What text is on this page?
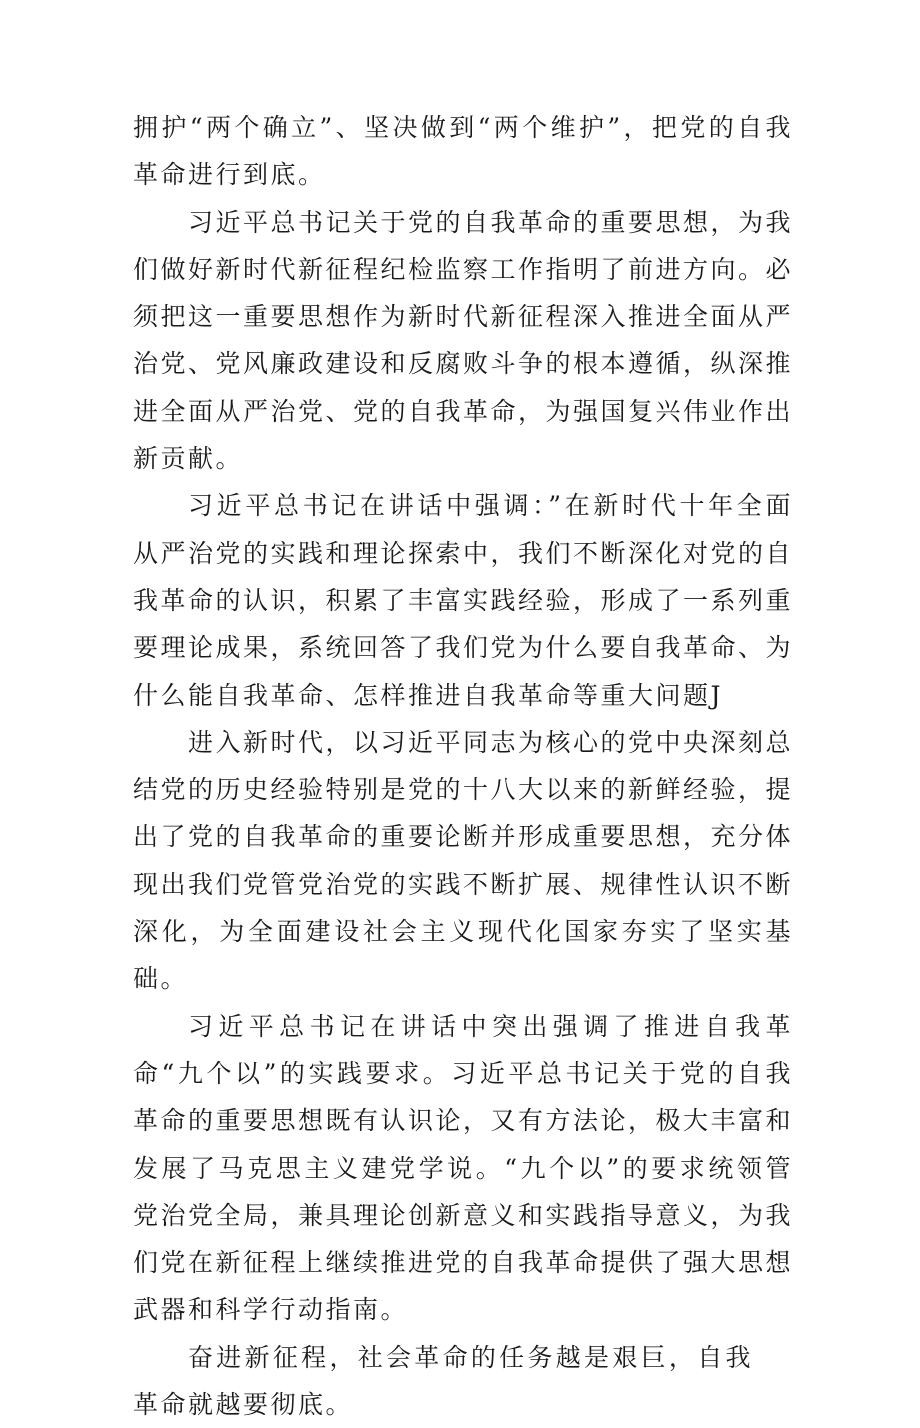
拥护“两个确立”、坚决做到“两个维护”，把党的自我革命进行到底。

习近平总书记关于党的自我革命的重要思想，为我们做好新时代新征程纪检监察工作指明了前进方向。必须把这一重要思想作为新时代新征程深入推进全面从严治党、党风廉政建设和反腐败斗争的根本遵循，纵深推进全面从严治党、党的自我革命，为强国复兴伟业作出新贡献。

习近平总书记在讲话中强调：”在新时代十年全面从严治党的实践和理论探索中，我们不断深化对党的自我革命的认识，积累了丰富实践经验，形成了一系列重要理论成果，系统回答了我们党为什么要自我革命、为什么能自我革命、怎样推进自我革命等重大问题J

进入新时代，以习近平同志为核心的党中央深刻总结党的历史经验特别是党的十八大以来的新鲜经验，提出了党的自我革命的重要论断并形成重要思想，充分体现出我们党管党治党的实践不断扩展、规律性认识不断深化，为全面建设社会主义现代化国家夯实了坚实基础。

习近平总书记在讲话中突出强调了推进自我革命“九个以”的实践要求。习近平总书记关于党的自我革命的重要思想既有认识论，又有方法论，极大丰富和发展了马克思主义建党学说。“九个以”的要求统领管党治党全局，兼具理论创新意义和实践指导意义，为我们党在新征程上继续推进党的自我革命提供了强大思想武器和科学行动指南。

奋进新征程，社会革命的任务越是艰巨，自我革命就越要彻底。
